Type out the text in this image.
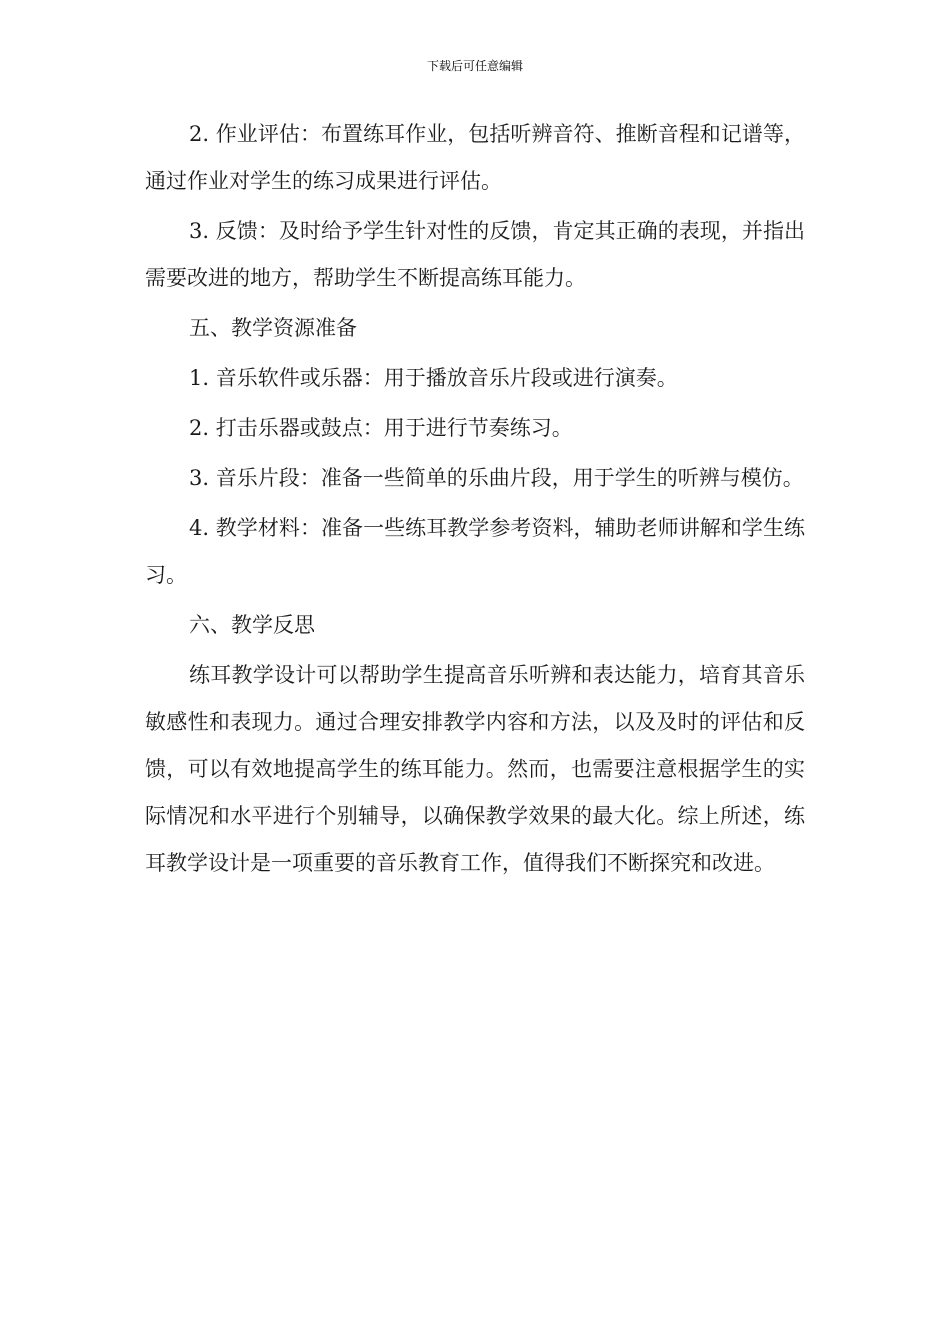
下载后可任意编辑

2. 作业评估：布置练耳作业，包括听辨音符、推断音程和记谱等，通过作业对学生的练习成果进行评估。

3. 反馈：及时给予学生针对性的反馈，肯定其正确的表现，并指出需要改进的地方，帮助学生不断提高练耳能力。

五、教学资源准备

1. 音乐软件或乐器：用于播放音乐片段或进行演奏。

2. 打击乐器或鼓点：用于进行节奏练习。

3. 音乐片段：准备一些简单的乐曲片段，用于学生的听辨与模仿。

4. 教学材料：准备一些练耳教学参考资料，辅助老师讲解和学生练习。

六、教学反思

练耳教学设计可以帮助学生提高音乐听辨和表达能力，培育其音乐敏感性和表现力。通过合理安排教学内容和方法，以及及时的评估和反馈，可以有效地提高学生的练耳能力。然而，也需要注意根据学生的实际情况和水平进行个别辅导，以确保教学效果的最大化。综上所述，练耳教学设计是一项重要的音乐教育工作，值得我们不断探究和改进。
